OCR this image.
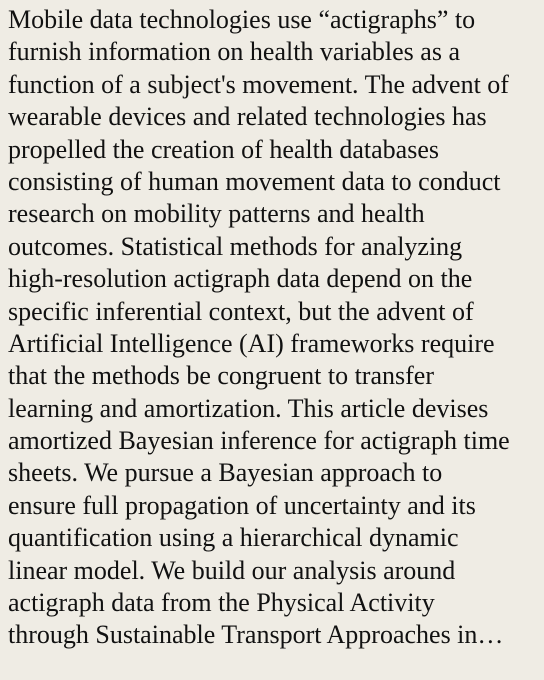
Mobile data technologies use “actigraphs” to
furnish information on health variables as a
function of a subject's movement. The advent of
wearable devices and related technologies has
propelled the creation of health databases
consisting of human movement data to conduct
research on mobility patterns and health
outcomes. Statistical methods for analyzing
high-resolution actigraph data depend on the
specific inferential context, but the advent of
Artificial Intelligence (AI) frameworks require
that the methods be congruent to transfer
learning and amortization. This article devises
amortized Bayesian inference for actigraph time
sheets. We pursue a Bayesian approach to
ensure full propagation of uncertainty and its
quantification using a hierarchical dynamic
linear model. We build our analysis around
actigraph data from the Physical Activity
through Sustainable Transport Approaches in…
